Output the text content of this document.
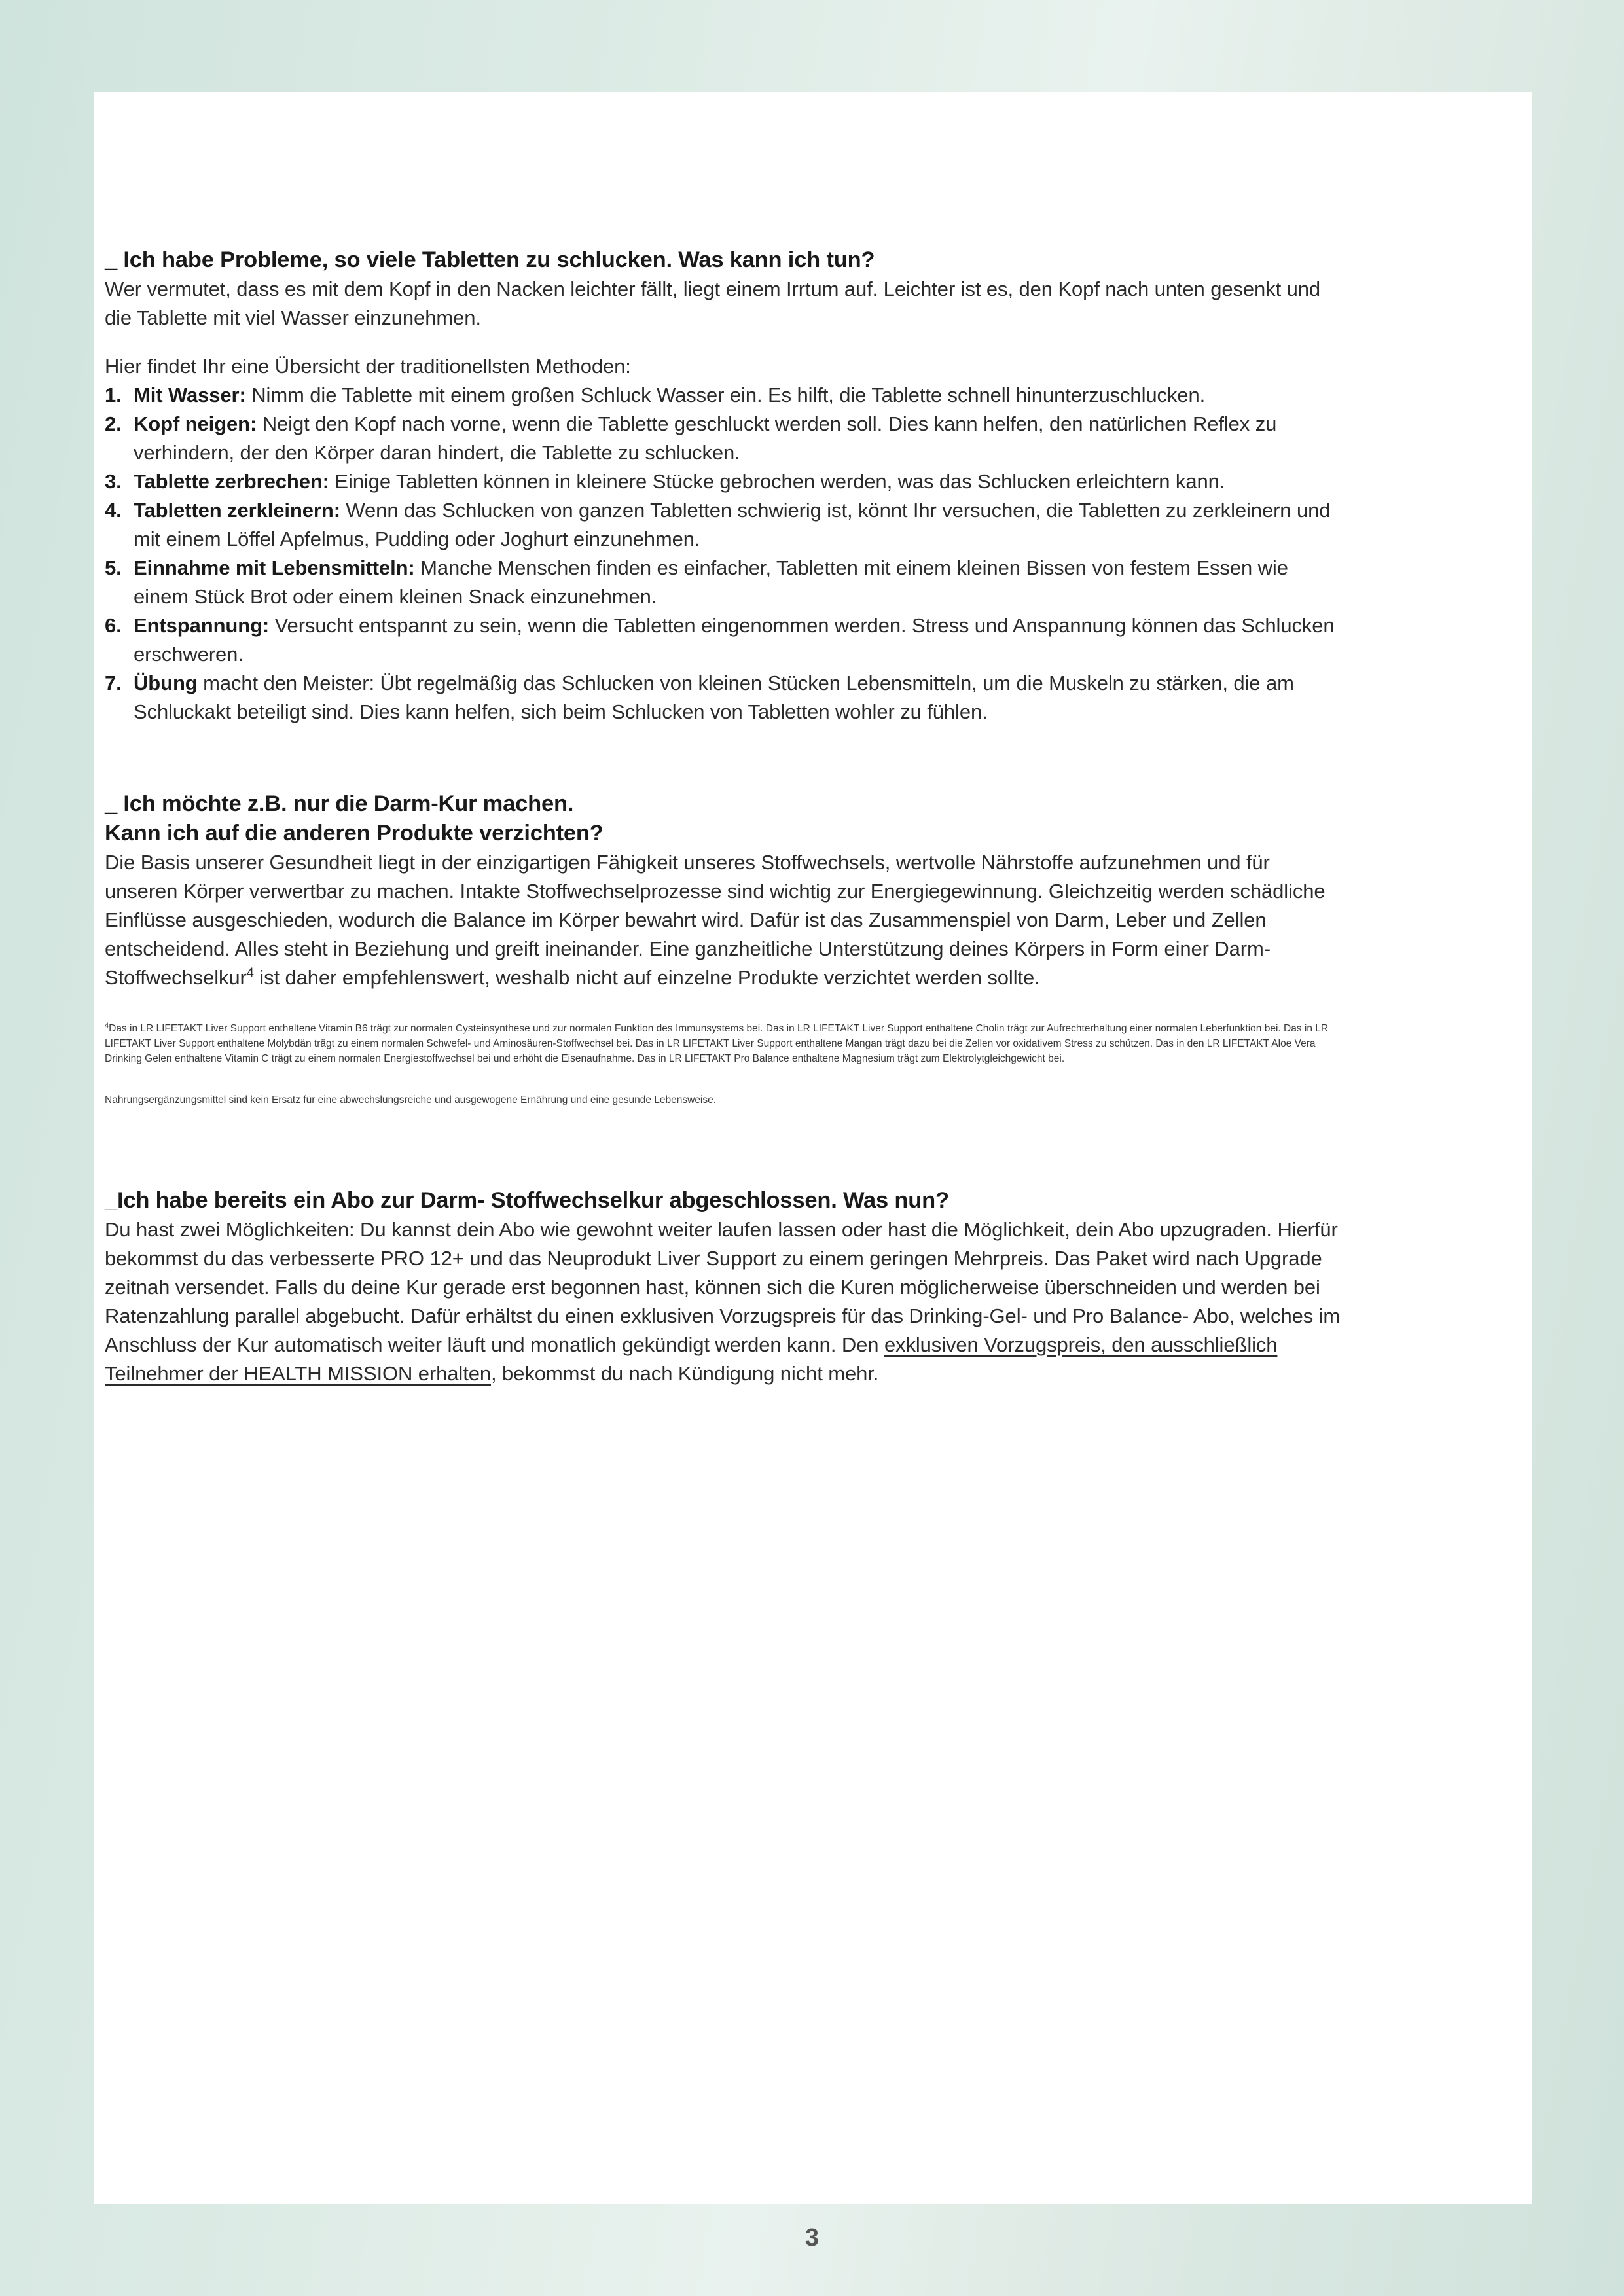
_ Ich habe Probleme, so viele Tabletten zu schlucken. Was kann ich tun?

Wer vermutet, dass es mit dem Kopf in den Nacken leichter fällt, liegt einem Irrtum auf. Leichter ist es, den Kopf nach unten gesenkt und die Tablette mit viel Wasser einzunehmen.

Hier findet Ihr eine Übersicht der traditionellsten Methoden:

1. Mit Wasser: Nimm die Tablette mit einem großen Schluck Wasser ein. Es hilft, die Tablette schnell hinunterzuschlucken.
2. Kopf neigen: Neigt den Kopf nach vorne, wenn die Tablette geschluckt werden soll. Dies kann helfen, den natürlichen Reflex zu verhindern, der den Körper daran hindert, die Tablette zu schlucken.
3. Tablette zerbrechen: Einige Tabletten können in kleinere Stücke gebrochen werden, was das Schlucken erleichtern kann.
4. Tabletten zerkleinern: Wenn das Schlucken von ganzen Tabletten schwierig ist, könnt Ihr versuchen, die Tabletten zu zerkleinern und mit einem Löffel Apfelmus, Pudding oder Joghurt einzunehmen.
5. Einnahme mit Lebensmitteln: Manche Menschen finden es einfacher, Tabletten mit einem kleinen Bissen von festem Essen wie einem Stück Brot oder einem kleinen Snack einzunehmen.
6. Entspannung: Versucht entspannt zu sein, wenn die Tabletten eingenommen werden. Stress und Anspannung können das Schlucken erschweren.
7. Übung macht den Meister: Übt regelmäßig das Schlucken von kleinen Stücken Lebensmitteln, um die Muskeln zu stärken, die am Schluckakt beteiligt sind. Dies kann helfen, sich beim Schlucken von Tabletten wohler zu fühlen.
_ Ich möchte z.B. nur die Darm-Kur machen.
Kann ich auf die anderen Produkte verzichten?

Die Basis unserer Gesundheit liegt in der einzigartigen Fähigkeit unseres Stoffwechsels, wertvolle Nährstoffe aufzunehmen und für unseren Körper verwertbar zu machen. Intakte Stoffwechselprozesse sind wichtig zur Energiegewinnung. Gleichzeitig werden schädliche Einflüsse ausgeschieden, wodurch die Balance im Körper bewahrt wird. Dafür ist das Zusammenspiel von Darm, Leber und Zellen entscheidend. Alles steht in Beziehung und greift ineinander. Eine ganzheitliche Unterstützung deines Körpers in Form einer Darm- Stoffwechselkur$^4$ ist daher empfehlenswert, weshalb nicht auf einzelne Produkte verzichtet werden sollte.

$^4$Das in LR LIFETAKT Liver Support enthaltene Vitamin B6 trägt zur normalen Cysteinsynthese und zur normalen Funktion des Immunsystems bei. Das in LR LIFETAKT Liver Support enthaltene Cholin trägt zur Aufrechterhaltung einer normalen Leberfunktion bei. Das in LR LIFETAKT Liver Support enthaltene Molybdän trägt zu einem normalen Schwefel- und Aminosäuren-Stoffwechsel bei. Das in LR LIFETAKT Liver Support enthaltene Mangan trägt dazu bei die Zellen vor oxidativem Stress zu schützen. Das in den LR LIFETAKT Aloe Vera Drinking Gelen enthaltene Vitamin C trägt zu einem normalen Energiestoffwechsel bei und erhöht die Eisenaufnahme. Das in LR LIFETAKT Pro Balance enthaltene Magnesium trägt zum Elektrolytgleichgewicht bei.

Nahrungsergänzungsmittel sind kein Ersatz für eine abwechslungsreiche und ausgewogene Ernährung und eine gesunde Lebensweise.

_Ich habe bereits ein Abo zur Darm- Stoffwechselkur abgeschlossen. Was nun?

Du hast zwei Möglichkeiten: Du kannst dein Abo wie gewohnt weiter laufen lassen oder hast die Möglichkeit, dein Abo upzugraden. Hierfür bekommst du das verbesserte PRO 12+ und das Neuprodukt Liver Support zu einem geringen Mehrpreis. Das Paket wird nach Upgrade zeitnah versendet. Falls du deine Kur gerade erst begonnen hast, können sich die Kuren möglicherweise überschneiden und werden bei Ratenzahlung parallel abgebucht. Dafür erhältst du einen exklusiven Vorzugspreis für das Drinking-Gel- und Pro Balance- Abo, welches im Anschluss der Kur automatisch weiter läuft und monatlich gekündigt werden kann. Den exklusiven Vorzugspreis, den ausschließlich Teilnehmer der HEALTH MISSION erhalten, bekommst du nach Kündigung nicht mehr.

3
